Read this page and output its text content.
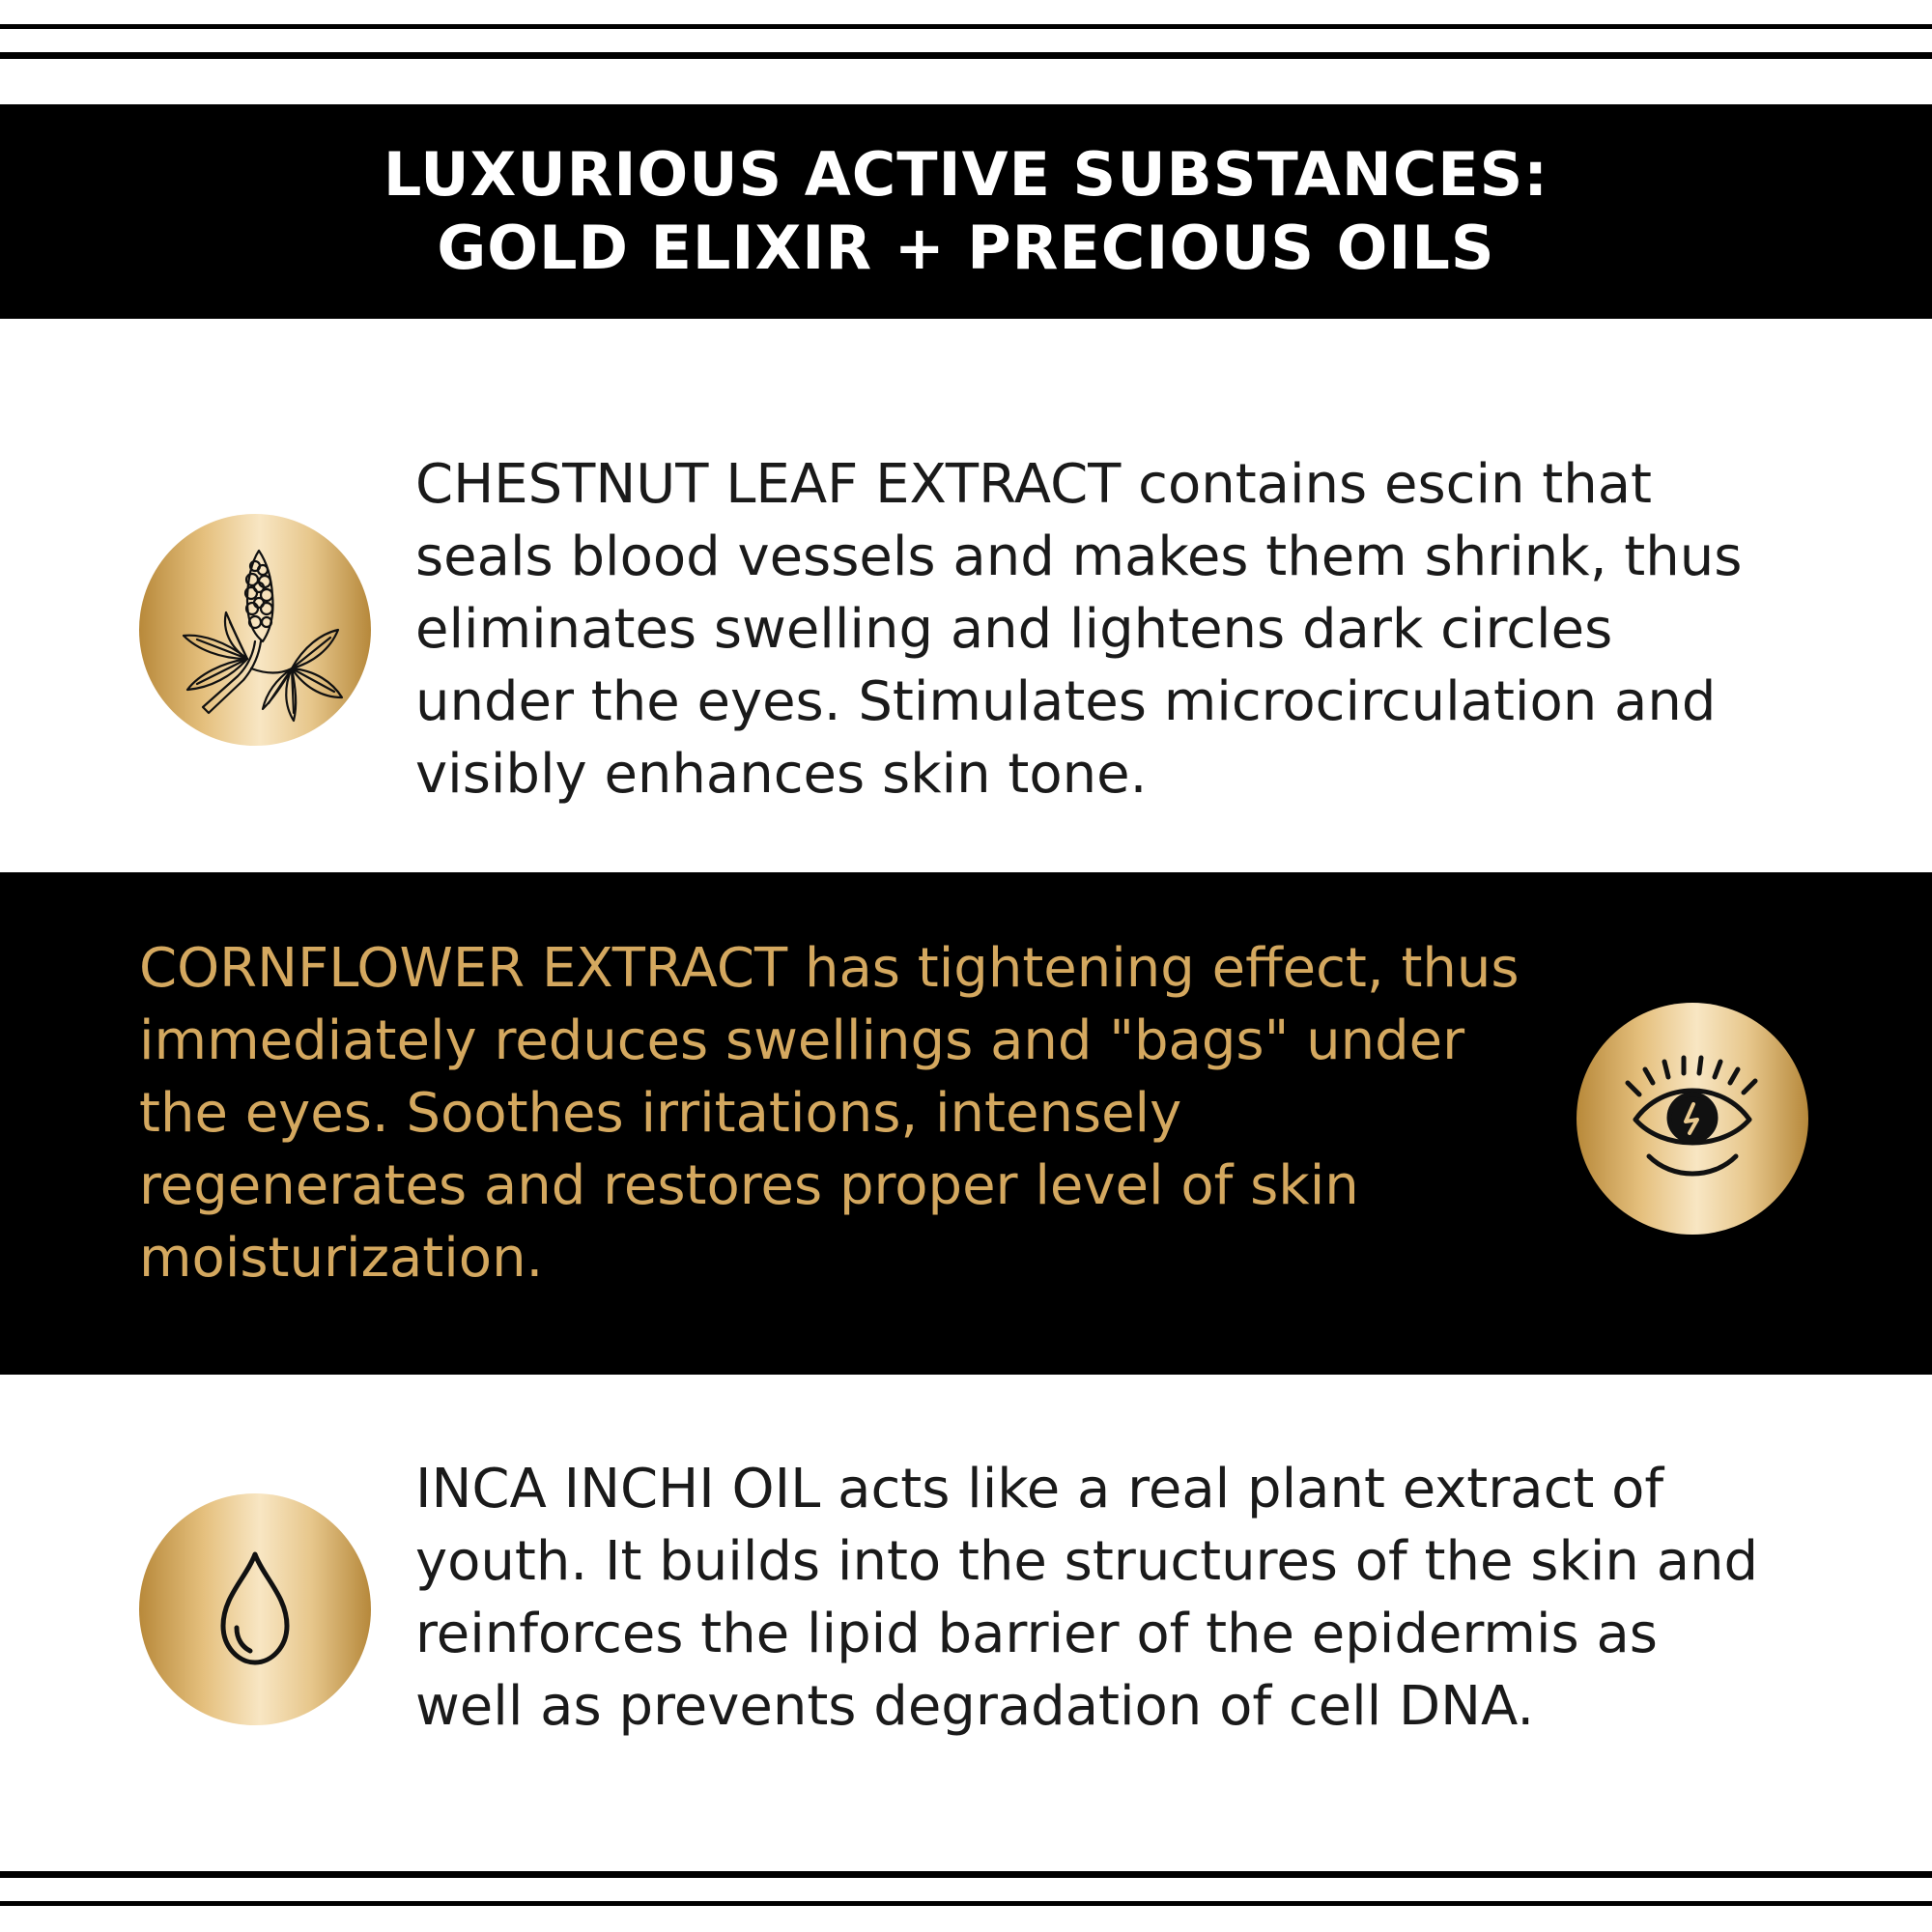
LUXURIOUS ACTIVE SUBSTANCES:
GOLD ELIXIR + PRECIOUS OILS
CHESTNUT LEAF EXTRACT contains escin that
seals blood vessels and makes them shrink, thus
eliminates swelling and lightens dark circles
under the eyes. Stimulates microcirculation and
visibly enhances skin tone.
CORNFLOWER EXTRACT has tightening effect, thus
immediately reduces swellings and "bags" under
the eyes. Soothes irritations, intensely
regenerates and restores proper level of skin
moisturization.
INCA INCHI OIL acts like a real plant extract of
youth. It builds into the structures of the skin and
reinforces the lipid barrier of the epidermis as
well as prevents degradation of cell DNA.
